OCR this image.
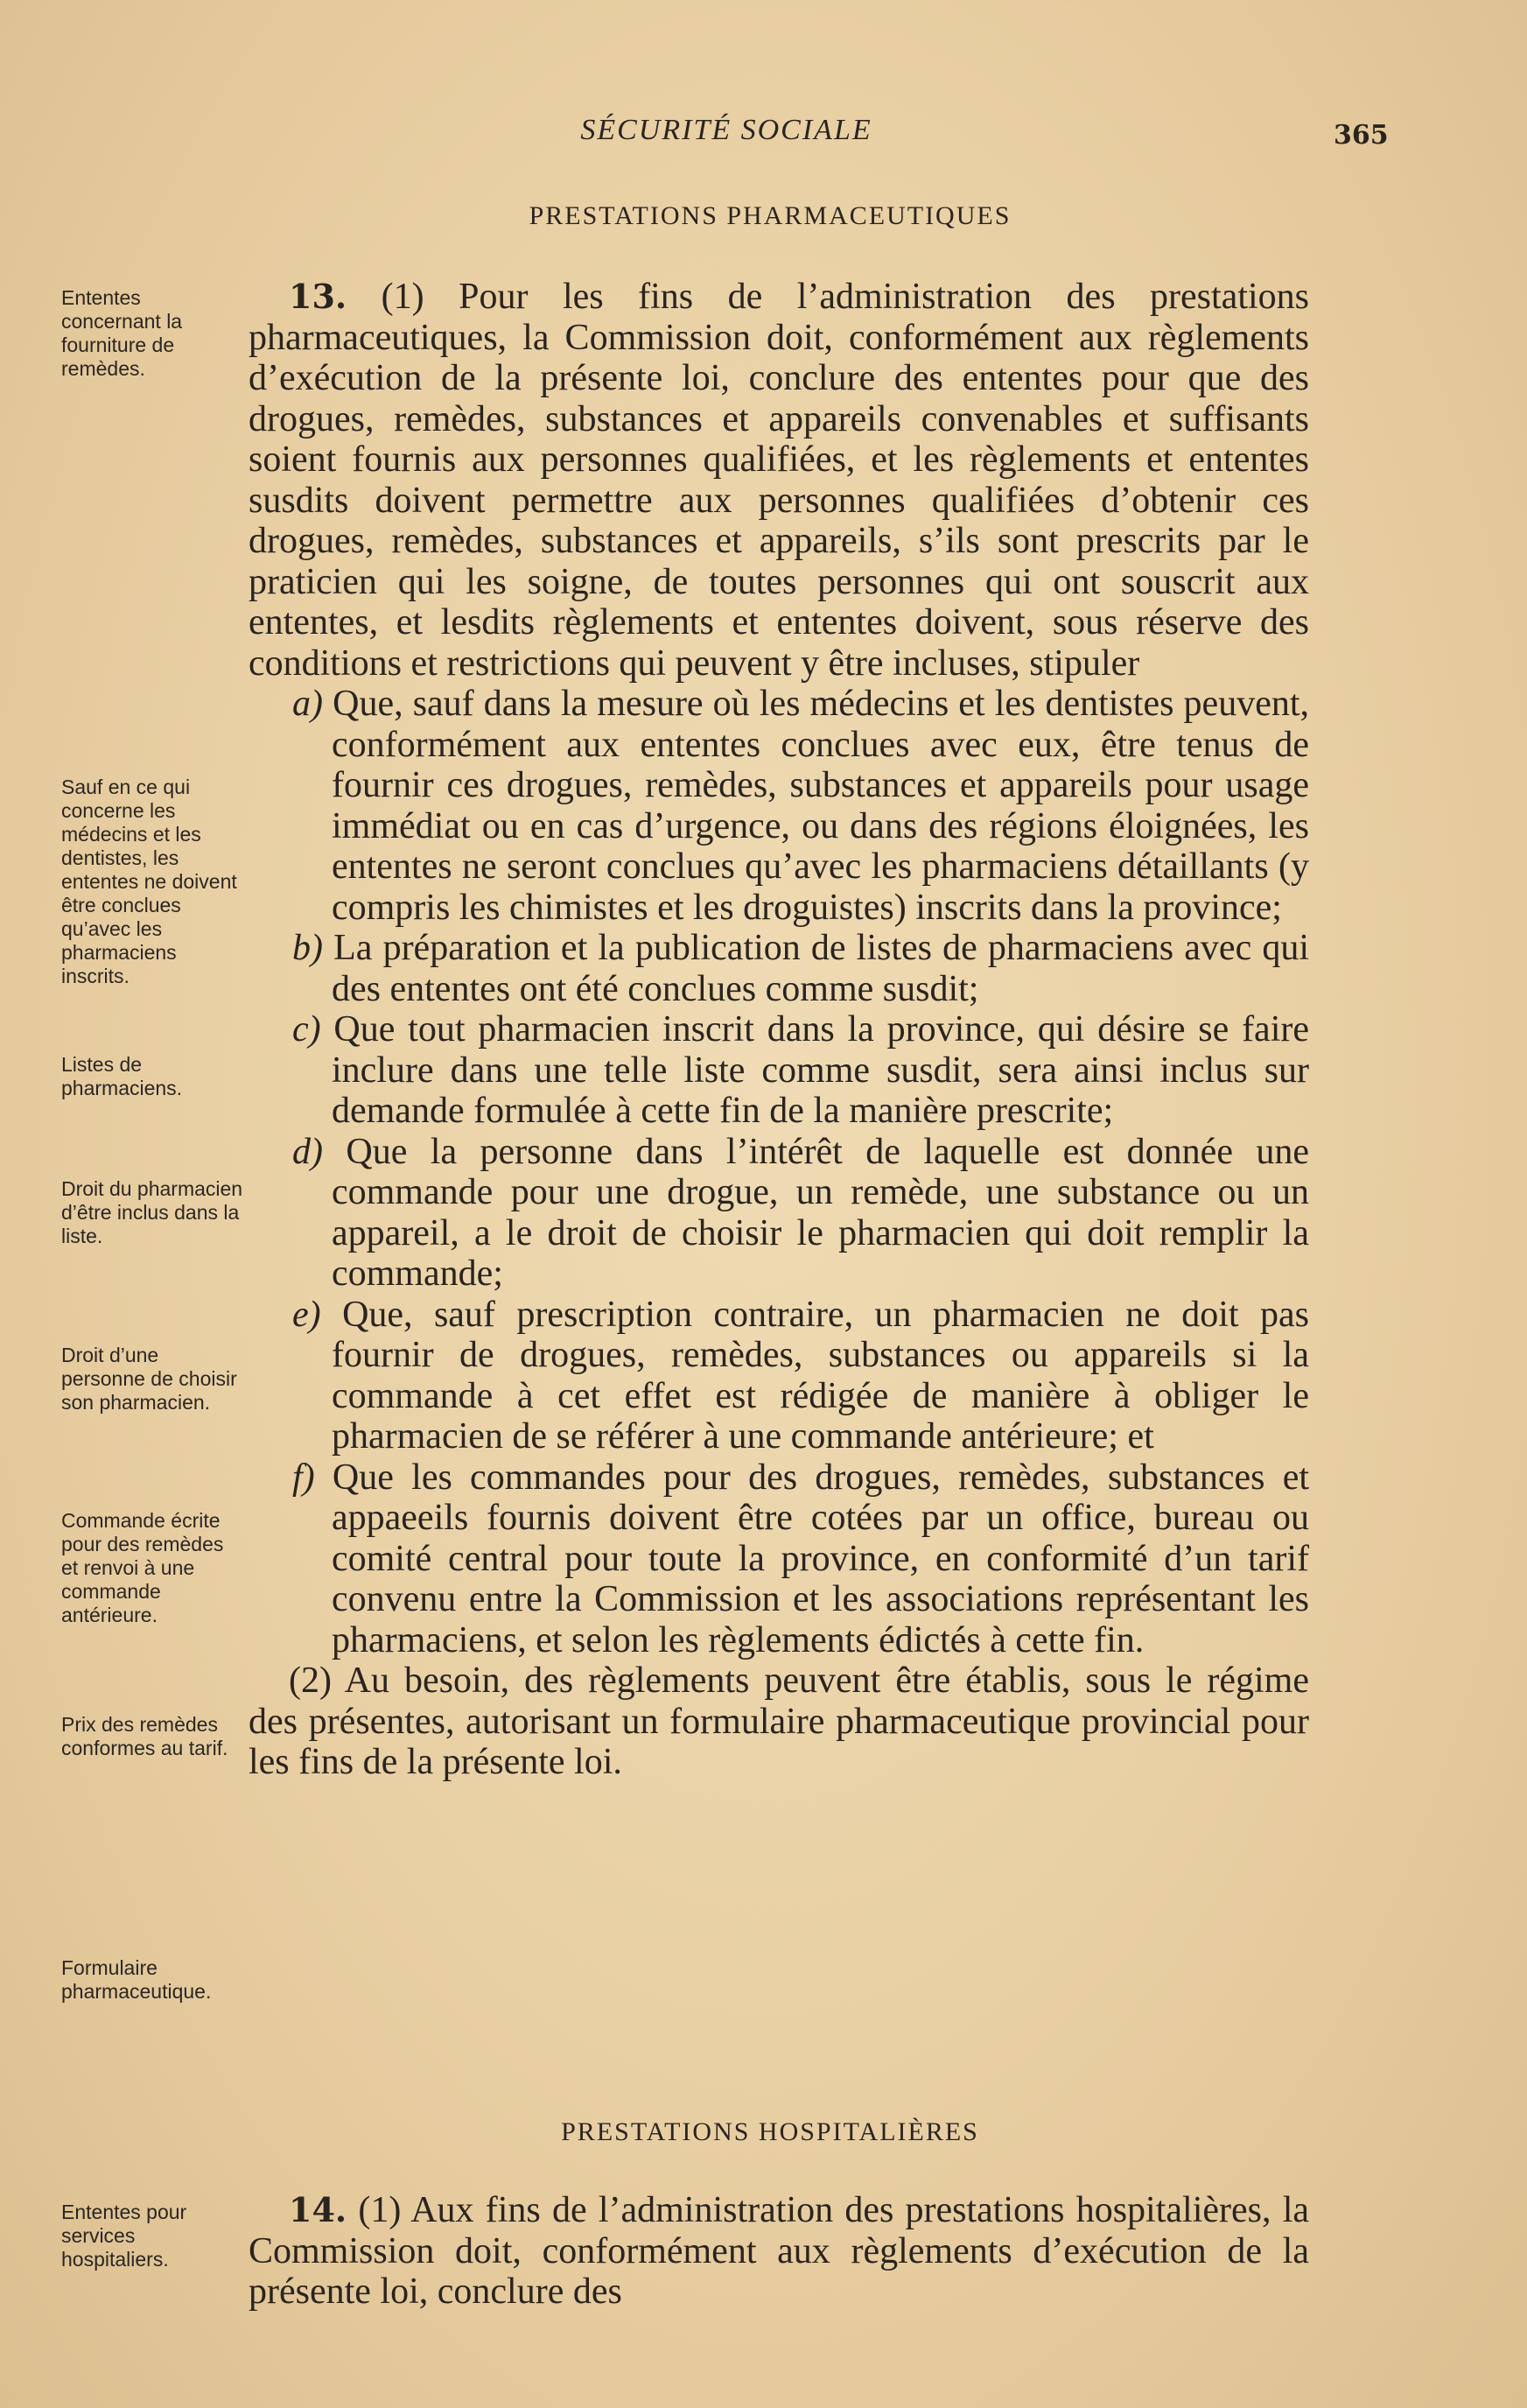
SÉCURITÉ SOCIALE	365
PRESTATIONS PHARMACEUTIQUES
Ententes concernant la fourniture de remèdes.
Sauf en ce qui concerne les médecins et les dentistes, les ententes ne doivent être conclues qu’avec les pharmaciens inscrits.
Listes de pharmaciens.
Droit du pharmacien d’être inclus dans la liste.
Droit d’une personne de choisir son pharmacien.
Commande écrite pour des remèdes et renvoi à une commande antérieure.
Prix des remèdes conformes au tarif.
Formulaire pharmaceutique.
Ententes pour services hospitaliers.

13. (1) Pour les fins de l’administration des prestations pharmaceutiques, la Commission doit, conformément aux règlements d’exécution de la présente loi, conclure des ententes pour que des drogues, remèdes, substances et appareils convenables et suffisants soient fournis aux personnes qualifiées, et les règlements et ententes susdits doivent permettre aux personnes qualifiées d’obtenir ces drogues, remèdes, substances et appareils, s’ils sont prescrits par le praticien qui les soigne, de toutes personnes qui ont souscrit aux ententes, et lesdits règlements et ententes doivent, sous réserve des conditions et restrictions qui peuvent y être incluses, stipuler

a) Que, sauf dans la mesure où les médecins et les dentistes peuvent, conformément aux ententes conclues avec eux, être tenus de fournir ces drogues, remèdes, substances et appareils pour usage immédiat ou en cas d’urgence, ou dans des régions éloignées, les ententes ne seront conclues qu’avec les pharmaciens détaillants (y compris les chimistes et les droguistes) inscrits dans la province;

b) La préparation et la publication de listes de pharmaciens avec qui des ententes ont été conclues comme susdit;

c) Que tout pharmacien inscrit dans la province, qui désire se faire inclure dans une telle liste comme susdit, sera ainsi inclus sur demande formulée à cette fin de la manière prescrite;

d) Que la personne dans l’intérêt de laquelle est donnée une commande pour une drogue, un remède, une substance ou un appareil, a le droit de choisir le pharmacien qui doit remplir la commande;

e) Que, sauf prescription contraire, un pharmacien ne doit pas fournir de drogues, remèdes, substances ou appareils si la commande à cet effet est rédigée de manière à obliger le pharmacien de se référer à une commande antérieure; et

f) Que les commandes pour des drogues, remèdes, substances et appaeeils fournis doivent être cotées par un office, bureau ou comité central pour toute la province, en conformité d’un tarif convenu entre la Commission et les associations représentant les pharmaciens, et selon les règlements édictés à cette fin.

(2) Au besoin, des règlements peuvent être établis, sous le régime des présentes, autorisant un formulaire pharmaceutique provincial pour les fins de la présente loi.

PRESTATIONS HOSPITALIÈRES

14. (1) Aux fins de l’administration des prestations hospitalières, la Commission doit, conformément aux règlements d’exécution de la présente loi, conclure des
